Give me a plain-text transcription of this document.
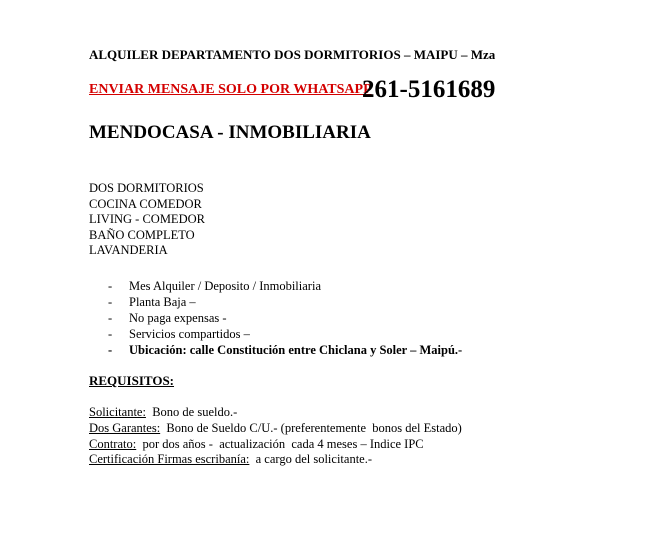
ALQUILER DEPARTAMENTO DOS DORMITORIOS – MAIPU – Mza
ENVIAR MENSAJE SOLO POR WHATSAPP
261-5161689
MENDOCASA - INMOBILIARIA
DOS DORMITORIOS
COCINA COMEDOR
LIVING - COMEDOR
BAÑO COMPLETO
LAVANDERIA
- Mes Alquiler / Deposito / Inmobiliaria
- Planta Baja –
- No paga expensas -
- Servicios compartidos –
- Ubicación: calle Constitución entre Chiclana y Soler – Maipú.-
REQUISITOS:
Solicitante:  Bono de sueldo.-
Dos Garantes:  Bono de Sueldo C/U.- (preferentemente  bonos del Estado)
Contrato:  por dos años -  actualización  cada 4 meses – Indice IPC
Certificación Firmas escribanía:  a cargo del solicitante.-
